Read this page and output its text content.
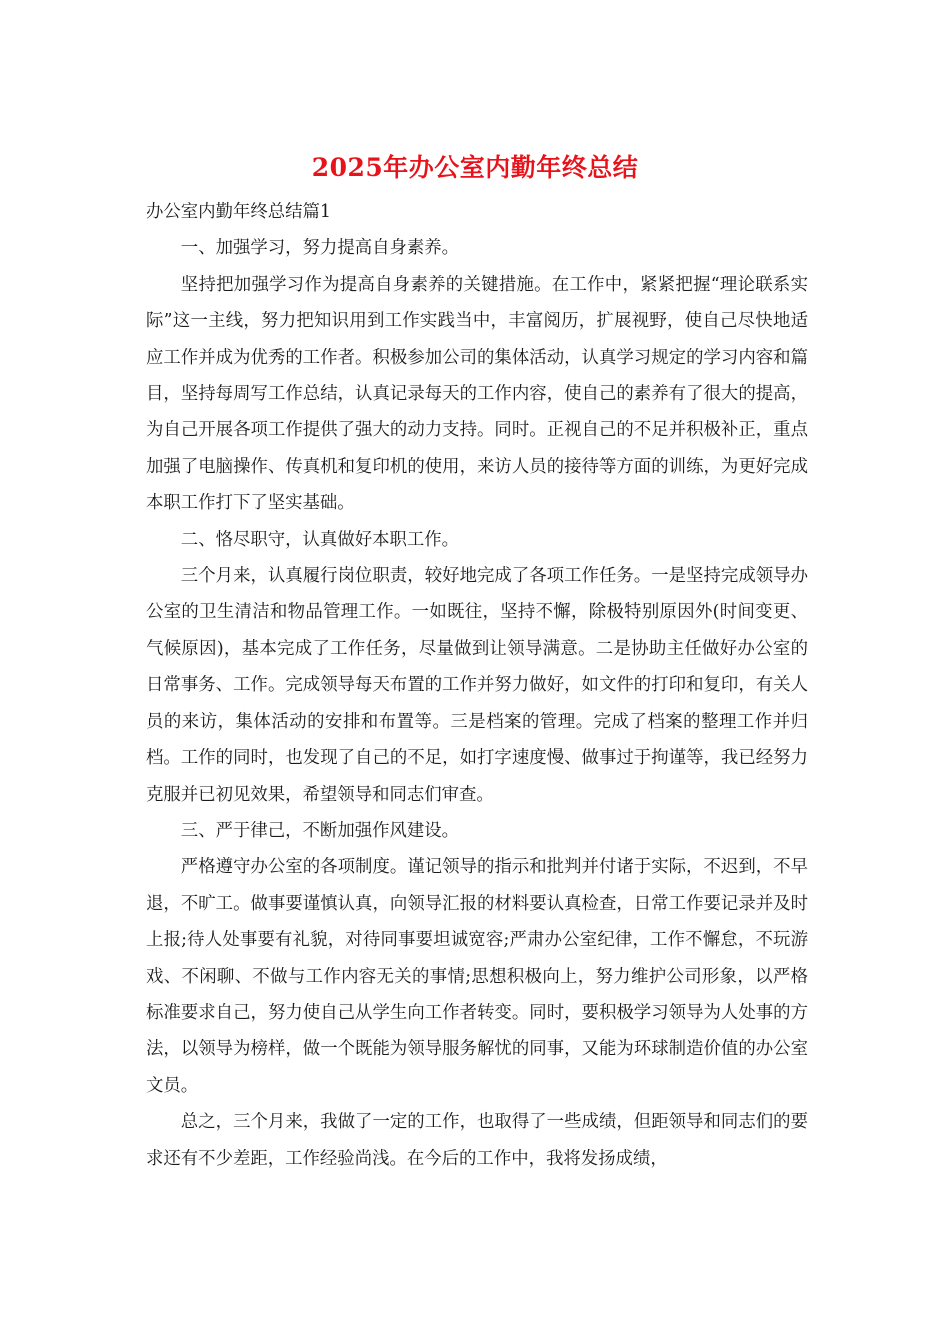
2025年办公室内勤年终总结

办公室内勤年终总结篇1

一、加强学习，努力提高自身素养。

坚持把加强学习作为提高自身素养的关键措施。在工作中，紧紧把握“理论联系实际”这一主线，努力把知识用到工作实践当中，丰富阅历，扩展视野，使自己尽快地适应工作并成为优秀的工作者。积极参加公司的集体活动，认真学习规定的学习内容和篇目，坚持每周写工作总结，认真记录每天的工作内容，使自己的素养有了很大的提高，为自己开展各项工作提供了强大的动力支持。同时。正视自己的不足并积极补正，重点加强了电脑操作、传真机和复印机的使用，来访人员的接待等方面的训练，为更好完成本职工作打下了坚实基础。

二、恪尽职守，认真做好本职工作。

三个月来，认真履行岗位职责，较好地完成了各项工作任务。一是坚持完成领导办公室的卫生清洁和物品管理工作。一如既往，坚持不懈，除极特别原因外(时间变更、气候原因)，基本完成了工作任务，尽量做到让领导满意。二是协助主任做好办公室的日常事务、工作。完成领导每天布置的工作并努力做好，如文件的打印和复印，有关人员的来访，集体活动的安排和布置等。三是档案的管理。完成了档案的整理工作并归档。工作的同时，也发现了自己的不足，如打字速度慢、做事过于拘谨等，我已经努力克服并已初见效果，希望领导和同志们审查。

三、严于律己，不断加强作风建设。

严格遵守办公室的各项制度。谨记领导的指示和批判并付诸于实际，不迟到，不早退，不旷工。做事要谨慎认真，向领导汇报的材料要认真检查，日常工作要记录并及时上报;待人处事要有礼貌，对待同事要坦诚宽容;严肃办公室纪律，工作不懈怠，不玩游戏、不闲聊、不做与工作内容无关的事情;思想积极向上，努力维护公司形象，以严格标准要求自己，努力使自己从学生向工作者转变。同时，要积极学习领导为人处事的方法，以领导为榜样，做一个既能为领导服务解忧的同事，又能为环球制造价值的办公室文员。

总之，三个月来，我做了一定的工作，也取得了一些成绩，但距领导和同志们的要求还有不少差距，工作经验尚浅。在今后的工作中，我将发扬成绩，
